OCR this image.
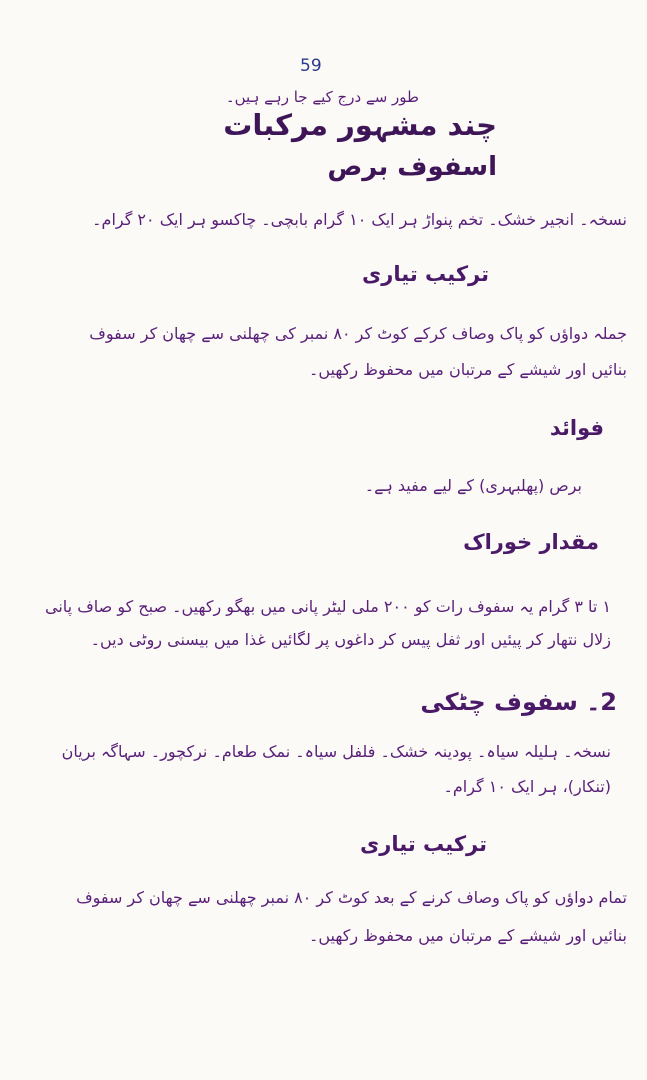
59
طور سے درج کیے جا رہے ہیں۔
چند مشہور مرکبات
اسفوف برص
نسخہ۔ انجیر خشک۔ تخم پنواڑ ہر ایک ۱۰ گرام بابچی۔ چاکسو ہر ایک ۲۰ گرام۔
ترکیب تیاری
جملہ دواؤں کو پاک وصاف کرکے کوٹ کر ۸۰ نمبر کی چھلنی سے چھان کر سفوف
بنائیں اور شیشے کے مرتبان میں محفوظ رکھیں۔
فوائد
برص (پھلبہری) کے لیے مفید ہے۔
مقدار خوراک
۱ تا ۳ گرام یہ سفوف رات کو ۲۰۰ ملی لیٹر پانی میں بھگو رکھیں۔ صبح کو صاف پانی
زلال نتھار کر پیئیں اور ثفل پیس کر داغوں پر لگائیں غذا میں بیسنی روٹی دیں۔
2۔ سفوف چٹکی
نسخہ۔ ہلیلہ سیاہ۔ پودینہ خشک۔ فلفل سیاہ۔ نمک طعام۔ نرکچور۔ سہاگہ بریان
(تنکار)، ہر ایک ۱۰ گرام۔
ترکیب تیاری
تمام دواؤں کو پاک وصاف کرنے کے بعد کوٹ کر ۸۰ نمبر چھلنی سے چھان کر سفوف
بنائیں اور شیشے کے مرتبان میں محفوظ رکھیں۔
